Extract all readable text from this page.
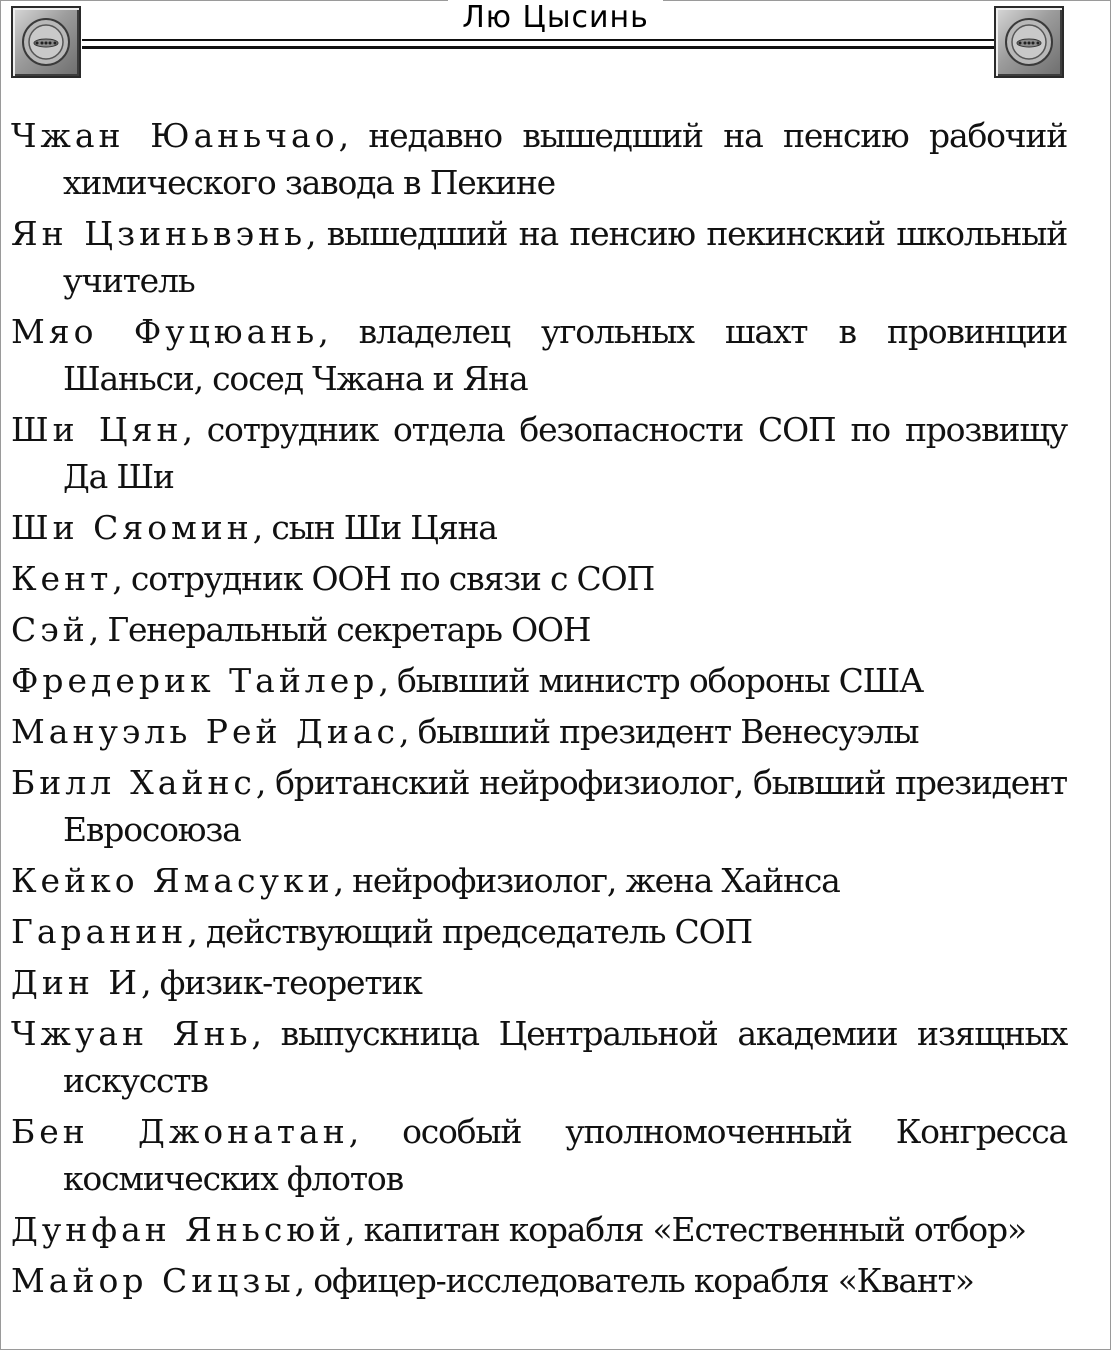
Лю Цысинь
Чжан Юаньчао, недавно вышедший на пенсию рабочий химического завода в Пекине
Ян Цзиньвэнь, вышедший на пенсию пекинский школьный учитель
Мяо Фуцюань, владелец угольных шахт в провинции Шаньси, сосед Чжана и Яна
Ши Цян, сотрудник отдела безопасности СОП по прозвищу Да Ши
Ши Сяомин, сын Ши Цяна
Кент, сотрудник ООН по связи с СОП
Сэй, Генеральный секретарь ООН
Фредерик Тайлер, бывший министр обороны США
Мануэль Рей Диас, бывший президент Венесуэлы
Билл Хайнс, британский нейрофизиолог, бывший президент Евросоюза
Кейко Ямасуки, нейрофизиолог, жена Хайнса
Гаранин, действующий председатель СОП
Дин И, физик-теоретик
Чжуан Янь, выпускница Центральной академии изящных искусств
Бен Джонатан, особый уполномоченный Конгресса космических флотов
Дунфан Яньсюй, капитан корабля «Естественный отбор»
Майор Сицзы, офицер-исследователь корабля «Квант»
